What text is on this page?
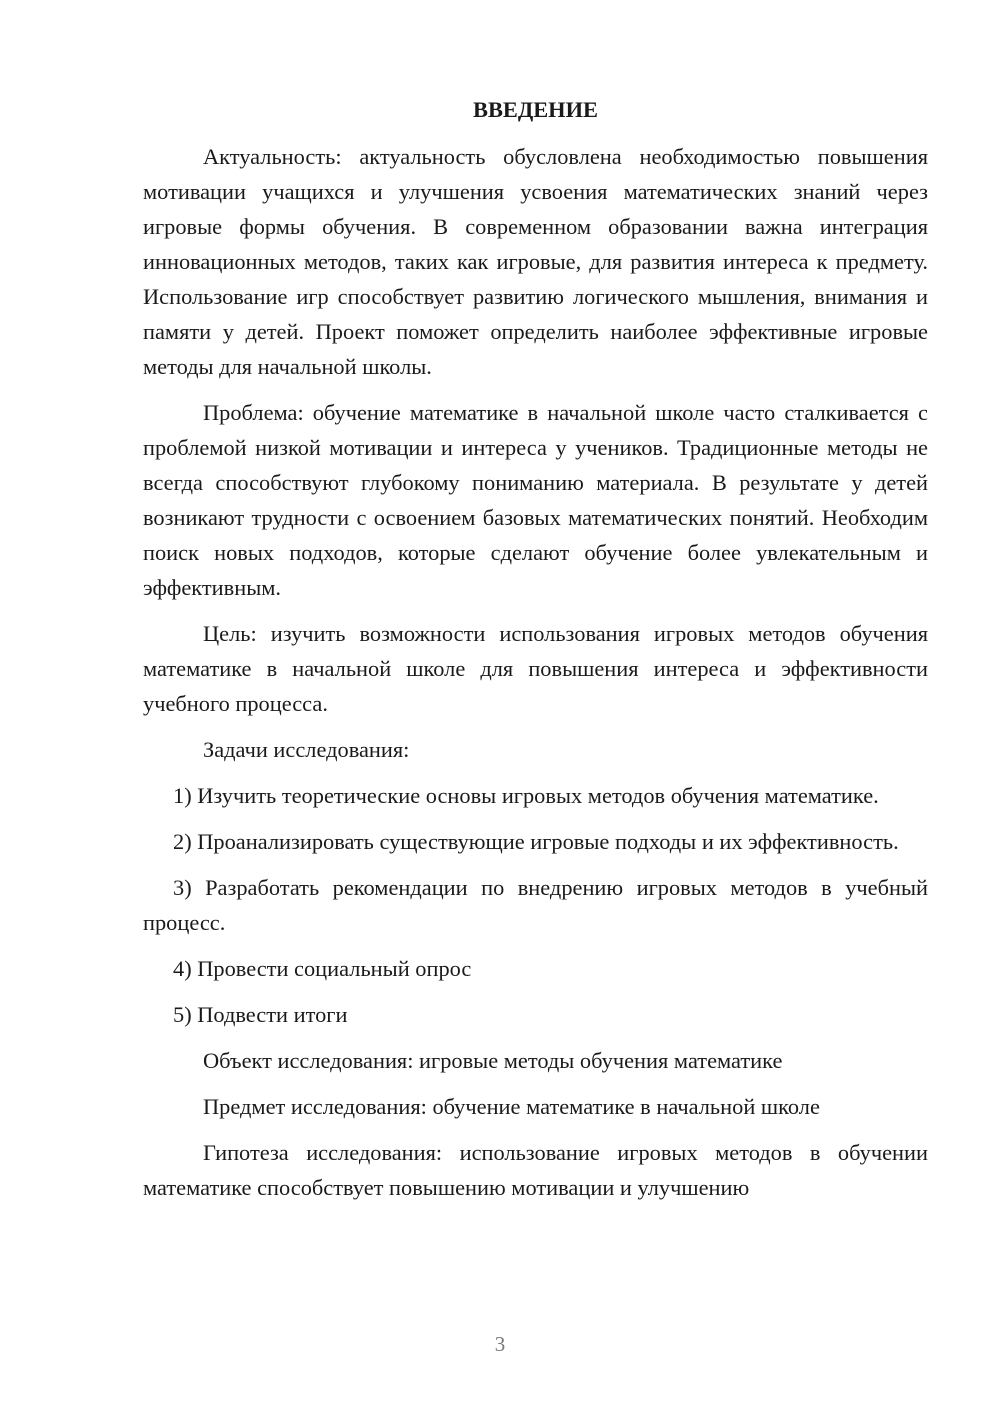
ВВЕДЕНИЕ

Актуальность: актуальность обусловлена необходимостью повышения мотивации учащихся и улучшения усвоения математических знаний через игровые формы обучения. В современном образовании важна интеграция инновационных методов, таких как игровые, для развития интереса к предмету. Использование игр способствует развитию логического мышления, внимания и памяти у детей. Проект поможет определить наиболее эффективные игровые методы для начальной школы.

Проблема: обучение математике в начальной школе часто сталкивается с проблемой низкой мотивации и интереса у учеников. Традиционные методы не всегда способствуют глубокому пониманию материала. В результате у детей возникают трудности с освоением базовых математических понятий. Необходим поиск новых подходов, которые сделают обучение более увлекательным и эффективным.

Цель: изучить возможности использования игровых методов обучения математике в начальной школе для повышения интереса и эффективности учебного процесса.

Задачи исследования:

1) Изучить теоретические основы игровых методов обучения математике.

2) Проанализировать существующие игровые подходы и их эффективность.

3) Разработать рекомендации по внедрению игровых методов в учебный процесс.

4) Провести социальный опрос

5) Подвести итоги

Объект исследования: игровые методы обучения математике

Предмет исследования: обучение математике в начальной школе

Гипотеза исследования: использование игровых методов в обучении математике способствует повышению мотивации и улучшению

3
